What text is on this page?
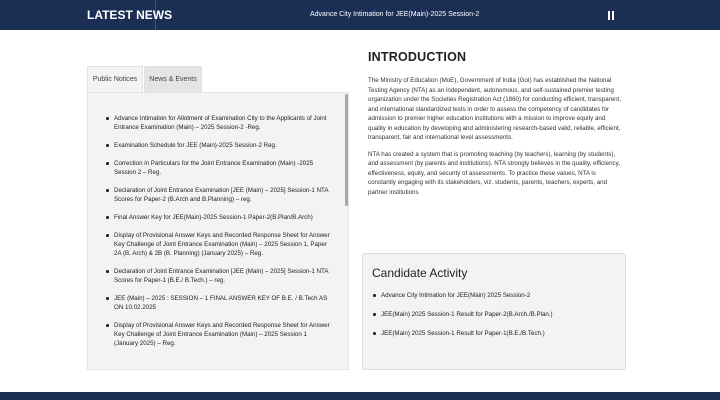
LATEST NEWS	Advance City Intimation for JEE(Main)-2025 Session-2
Public Notices	News & Events
Advance Intimation for Allotment of Examination City to the Applicants of Joint Entrance Examination (Main) – 2025 Session-2 -Reg.
Examination Schedule for JEE (Main)-2025 Session-2 Reg.
Correction in Particulars for the Joint Entrance Examination (Main) -2025 Session 2 – Reg.
Declaration of Joint Entrance Examination [JEE (Main) – 2025] Session-1 NTA Scores for Paper-2 (B.Arch and B.Planning) – reg.
Final Answer Key for JEE(Main)-2025 Session-1 Paper-2(B.Plan/B.Arch)
Display of Provisional Answer Keys and Recorded Response Sheet for Answer Key Challenge of Joint Entrance Examination (Main) – 2025 Session 1, Paper 2A (B. Arch) & 2B (B. Planning) (January 2025) – Reg.
Declaration of Joint Entrance Examination [JEE (Main) – 2025] Session-1 NTA Scores for Paper-1 (B.E./ B.Tech.) – reg.
JEE (Main) – 2025 : SESSION – 1 FINAL ANSWER KEY OF B.E. / B.Tech AS ON 10.02.2025
Display of Provisional Answer Keys and Recorded Response Sheet for Answer Key Challenge of Joint Entrance Examination (Main) – 2025 Session 1 (January 2025) – Reg.
INTRODUCTION

The Ministry of Education (MoE), Government of India (GoI) has established the National Testing Agency (NTA) as an independent, autonomous, and self-sustained premier testing organization under the Societies Registration Act (1860) for conducting efficient, transparent, and international standardized tests in order to assess the competency of candidates for admission to premier higher education institutions with a mission to improve equity and quality in education by developing and administering research-based valid, reliable, efficient, transparent, fair and international level assessments.

NTA has created a system that is promoting teaching (by teachers), learning (by students), and assessment (by parents and institutions). NTA strongly believes in the quality, efficiency, effectiveness, equity, and security of assessments. To practice these values, NTA is constantly engaging with its stakeholders, viz. students, parents, teachers, experts, and partner institutions

Candidate Activity
Advance City Intimation for JEE(Main) 2025 Session-2
JEE(Main) 2025 Session-1 Result for Paper-2(B.Arch./B.Plan.)
JEE(Main) 2025 Session-1 Result for Paper-1(B.E./B.Tech.)
